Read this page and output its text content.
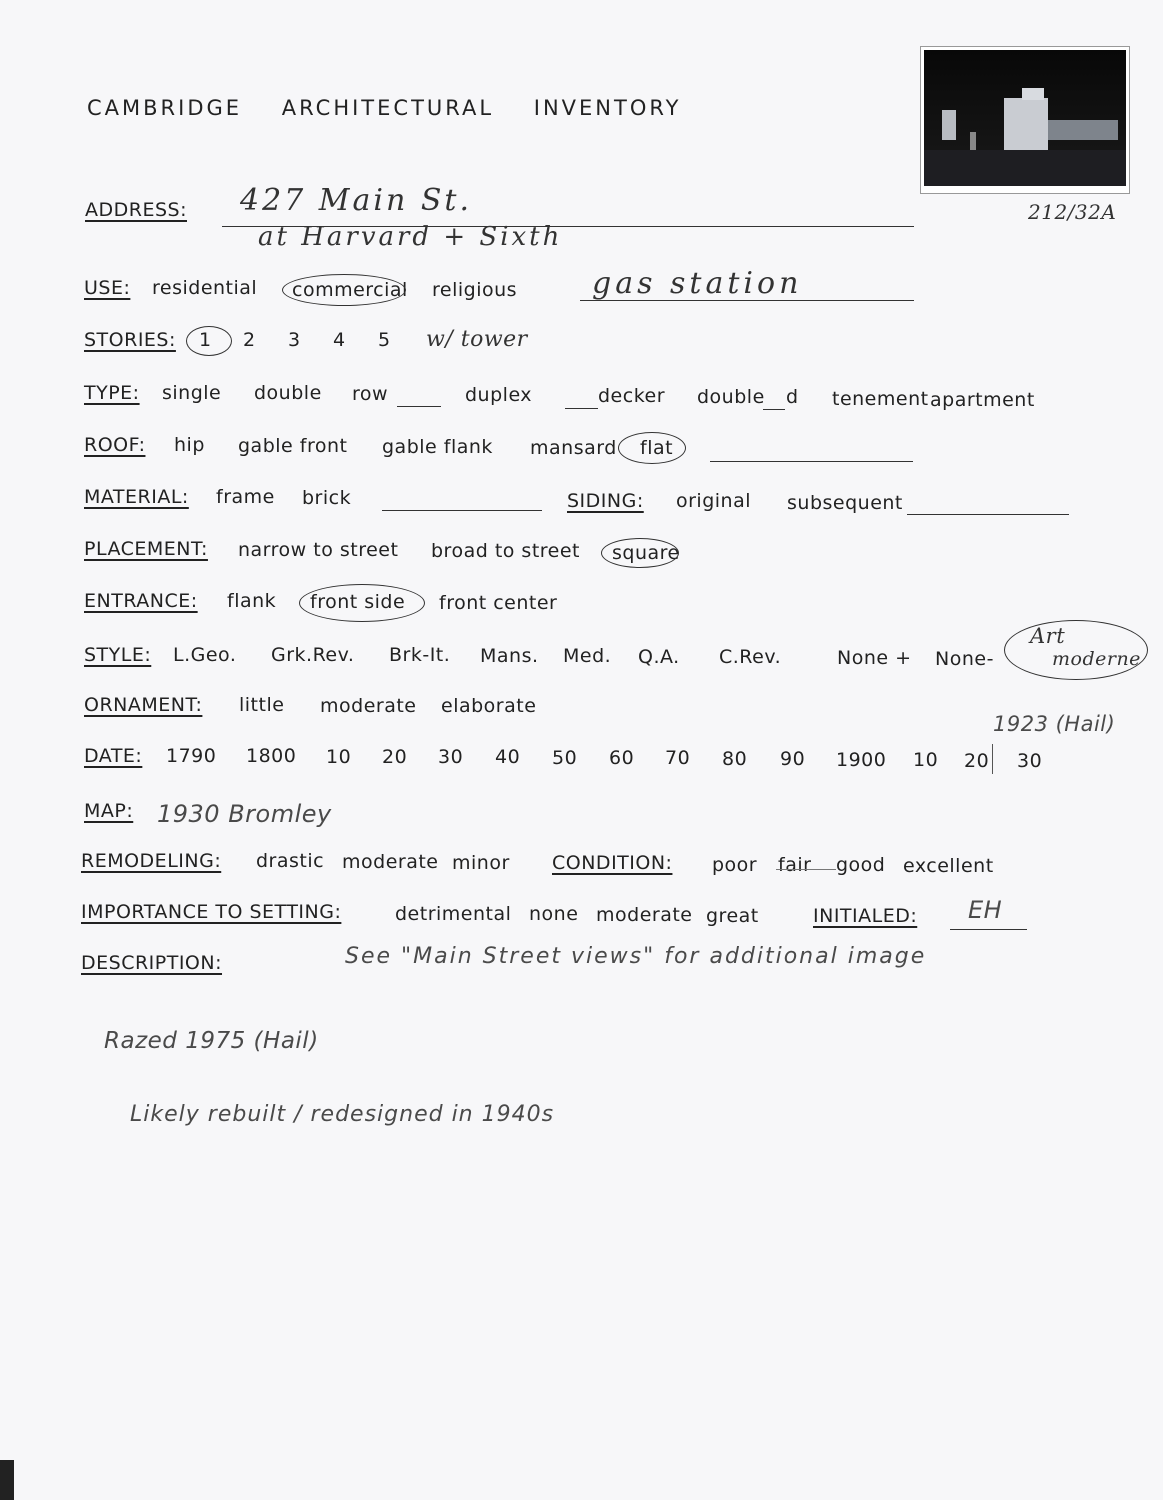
CAMBRIDGE ARCHITECTURAL INVENTORY
212/32A
ADDRESS: 427 Main St.
at Harvard + Sixth
USE: residential commercial religious gas station
STORIES: 1 2 3 4 5 w/ tower
TYPE: single double row	duplex	decker double d tenement apartment
ROOF: hip gable front gable flank mansard flat
MATERIAL: frame brick	SIDING: original subsequent
PLACEMENT: narrow to street broad to street square
ENTRANCE: flank front side front center
STYLE: L.Geo. Grk.Rev. Brk-It. Mans. Med. Q.A. C.Rev.	None + None-
Art
moderne
ORNAMENT: little moderate elaborate
1923 (Hail)
DATE: 1790 1800 10 20 30 40 50 60 70 80 90 1900 10 20 30
MAP: 1930 Bromley
REMODELING: drastic moderate minor CONDITION: poor fair good excellent
IMPORTANCE TO SETTING:	detrimental none moderate great	INITIALED: EH
DESCRIPTION:	See "Main Street views" for additional image
Razed 1975 (Hail)
Likely rebuilt / redesigned in 1940s
